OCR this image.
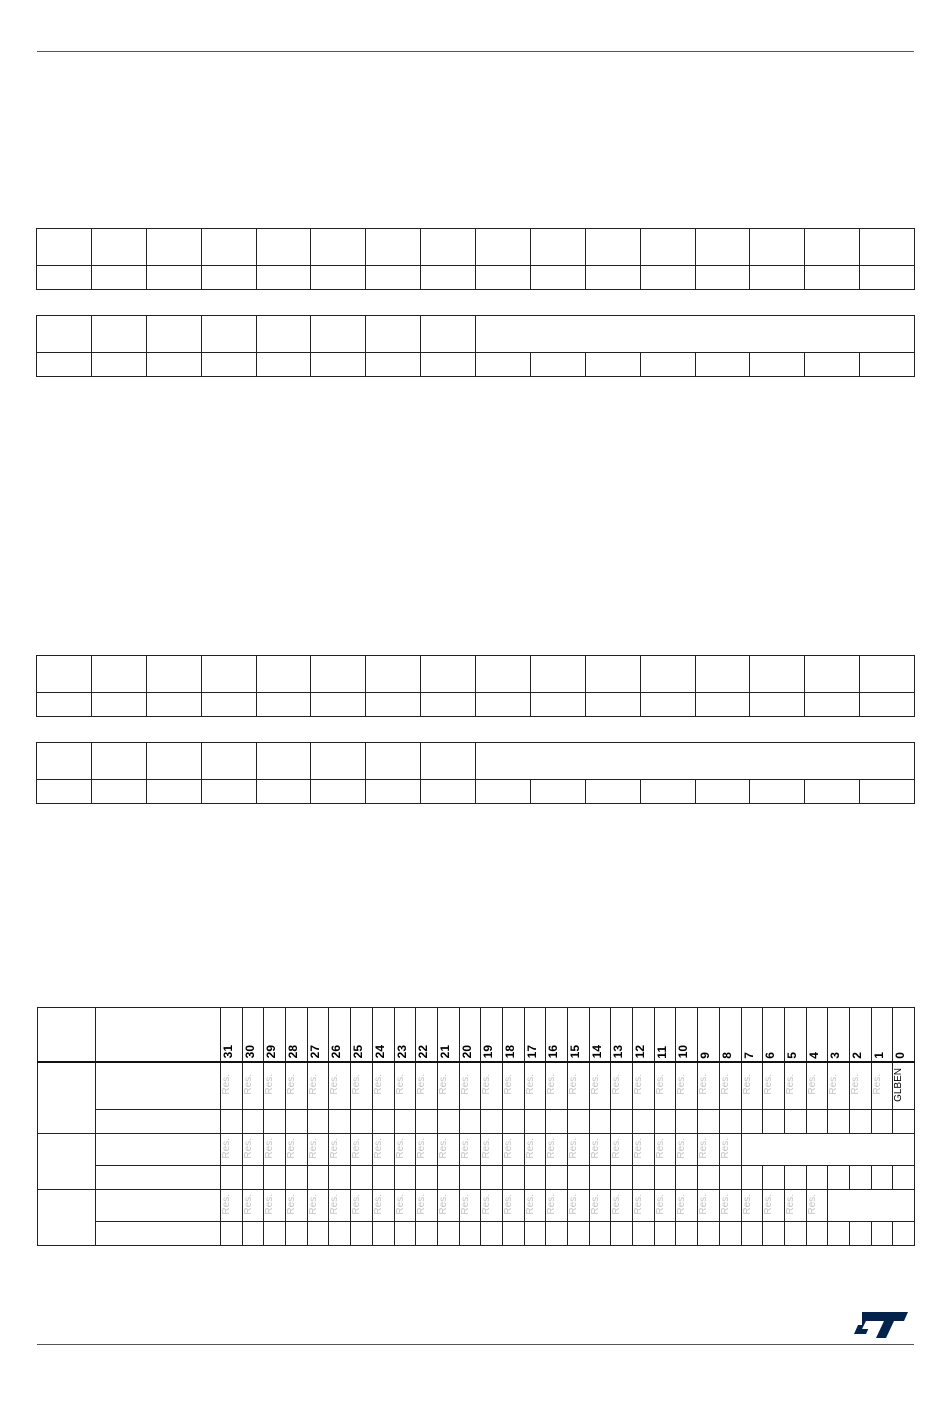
		31	30	29	28	27	26	25	24	23	22	21	20	19	18	17	16	15	14	13	12	11	10	9	8	7	6	5	4	3	2	1	0
		Res.	Res.	Res.	Res.	Res.	Res.	Res.	Res.	Res.	Res.	Res.	Res.	Res.	Res.	Res.	Res.	Res.	Res.	Res.	Res.	Res.	Res.	Res.	Res.	Res.	Res.	Res.	Res.	Res.	Res.	Res.	GLBEN

		Res.	Res.	Res.	Res.	Res.	Res.	Res.	Res.	Res.	Res.	Res.	Res.	Res.	Res.	Res.	Res.	Res.	Res.	Res.	Res.	Res.	Res.	Res.	Res.								

		Res.	Res.	Res.	Res.	Res.	Res.	Res.	Res.	Res.	Res.	Res.	Res.	Res.	Res.	Res.	Res.	Res.	Res.	Res.	Res.	Res.	Res.	Res.	Res.	Res.	Res.	Res.	Res.				
